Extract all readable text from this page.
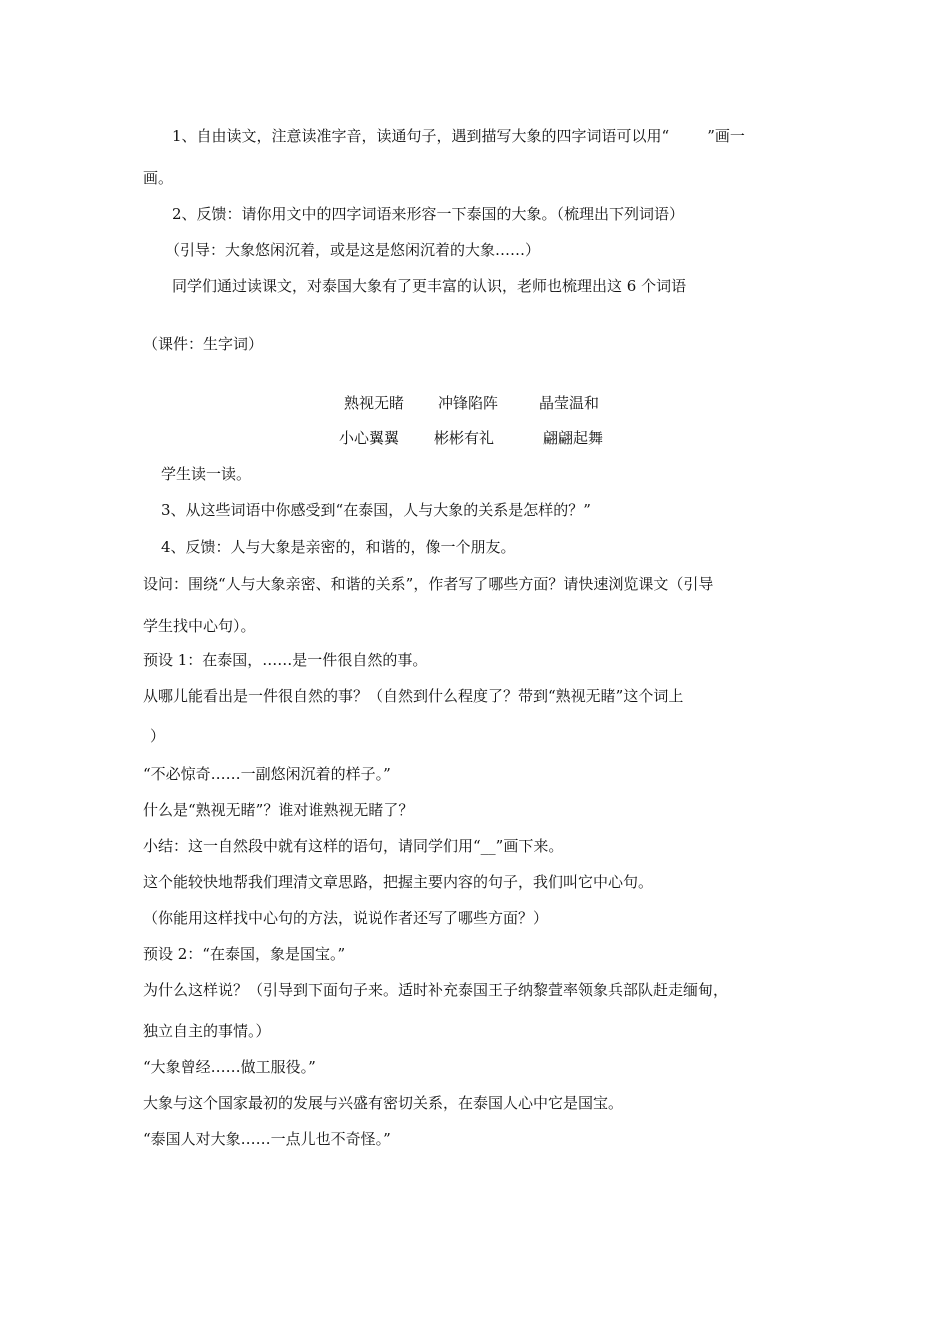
1、自由读文，注意读准字音，读通句子，遇到描写大象的四字词语可以用“	”画一
画。
2、反馈：请你用文中的四字词语来形容一下泰国的大象。（梳理出下列词语）
（引导：大象悠闲沉着，或是这是悠闲沉着的大象……）
同学们通过读课文，对泰国大象有了更丰富的认识，老师也梳理出这 6 个词语
（课件：生字词）
熟视无睹 冲锋陷阵	晶莹温和
小心翼翼 彬彬有礼	翩翩起舞
学生读一读。
3、从这些词语中你感受到“在泰国，人与大象的关系是怎样的？”
4、反馈：人与大象是亲密的，和谐的，像一个朋友。
设问：围绕“人与大象亲密、和谐的关系”，作者写了哪些方面？请快速浏览课文（引导
学生找中心句）。
预设 1：在泰国，……是一件很自然的事。
从哪儿能看出是一件很自然的事？（自然到什么程度了？带到“熟视无睹”这个词上
）
“不必惊奇……一副悠闲沉着的样子。”
什么是“熟视无睹”？谁对谁熟视无睹了？
小结：这一自然段中就有这样的语句，请同学们用“__”画下来。
这个能较快地帮我们理清文章思路，把握主要内容的句子，我们叫它中心句。
（你能用这样找中心句的方法，说说作者还写了哪些方面？）
预设 2：“在泰国，象是国宝。”
为什么这样说？（引导到下面句子来。适时补充泰国王子纳黎萱率领象兵部队赶走缅甸，
独立自主的事情。）
“大象曾经……做工服役。”
大象与这个国家最初的发展与兴盛有密切关系，在泰国人心中它是国宝。
“泰国人对大象……一点儿也不奇怪。”
